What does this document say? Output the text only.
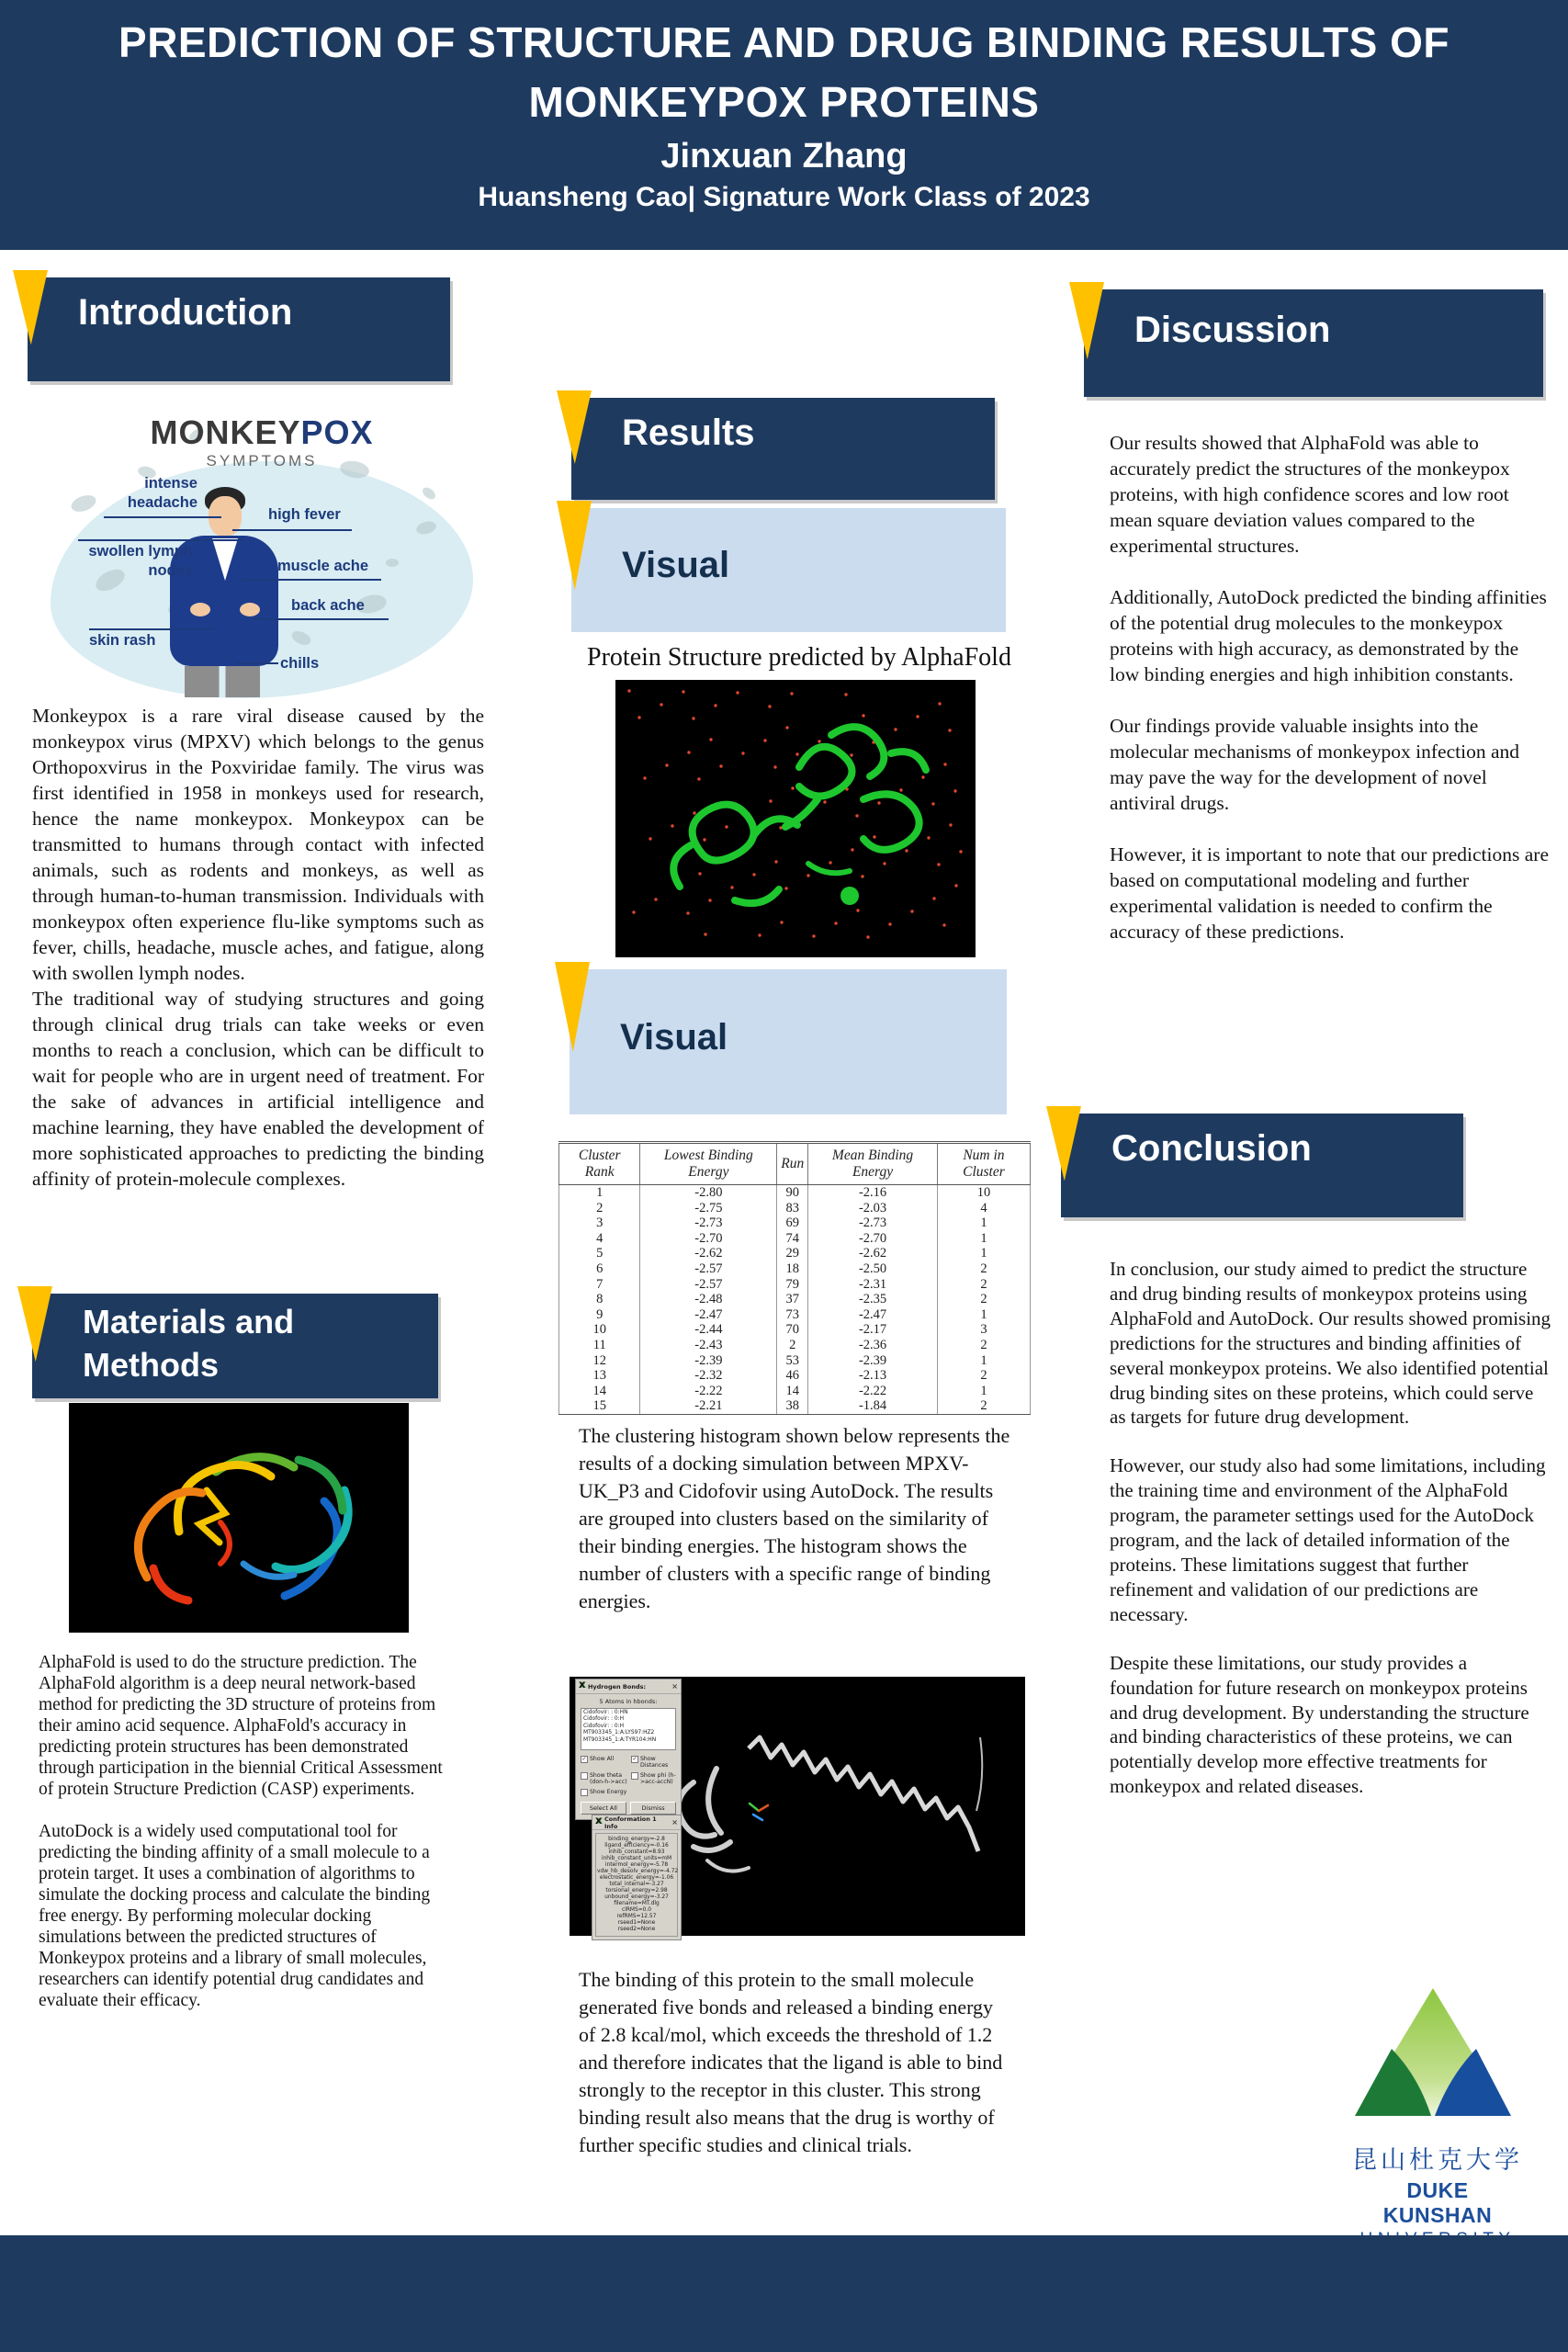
PREDICTION OF STRUCTURE AND DRUG BINDING RESULTS OF MONKEYPOX PROTEINS
Jinxuan Zhang
Huansheng Cao| Signature Work Class of 2023
Introduction
MONKEYPOX
SYMPTOMS
intense headache
high fever
swollen lymph nodes	muscle ache
back ache
skin rash
chills

Monkeypox is a rare viral disease caused by the monkeypox virus (MPXV) which belongs to the genus Orthopoxvirus in the Poxviridae family. The virus was first identified in 1958 in monkeys used for research, hence the name monkeypox. Monkeypox can be transmitted to humans through contact with infected animals, such as rodents and monkeys, as well as through human-to-human transmission. Individuals with monkeypox often experience flu-like symptoms such as fever, chills, headache, muscle aches, and fatigue, along with swollen lymph nodes.

The traditional way of studying structures and going through clinical drug trials can take weeks or even months to reach a conclusion, which can be difficult to wait for people who are in urgent need of treatment. For the sake of advances in artificial intelligence and machine learning, they have enabled the development of more sophisticated approaches to predicting the binding affinity of protein-molecule complexes.

Materials and
Methods

AlphaFold is used to do the structure prediction. The AlphaFold algorithm is a deep neural network-based method for predicting the 3D structure of proteins from their amino acid sequence. AlphaFold's accuracy in predicting protein structures has been demonstrated through participation in the biennial Critical Assessment of protein Structure Prediction (CASP) experiments.

AutoDock is a widely used computational tool for predicting the binding affinity of a small molecule to a protein target. It uses a combination of algorithms to simulate the docking process and calculate the binding free energy. By performing molecular docking simulations between the predicted structures of Monkeypox proteins and a library of small molecules, researchers can identify potential drug candidates and evaluate their efficacy.

Results
Visual
Protein Structure predicted by AlphaFold
Visual
Cluster Rank	Lowest Binding Energy	Run	Mean Binding Energy	Num in Cluster
1	-2.80	90	-2.16	10
2	-2.75	83	-2.03	4
3	-2.73	69	-2.73	1
4	-2.70	74	-2.70	1
5	-2.62	29	-2.62	1
6	-2.57	18	-2.50	2
7	-2.57	79	-2.31	2
8	-2.48	37	-2.35	2
9	-2.47	73	-2.47	1
10	-2.44	70	-2.17	3
11	-2.43	2	-2.36	2
12	-2.39	53	-2.39	1
13	-2.32	46	-2.13	2
14	-2.22	14	-2.22	1
15	-2.21	38	-1.84	2
The clustering histogram shown below represents the results of a docking simulation between MPXV-UK_P3 and Cidofovir using AutoDock. The results are grouped into clusters based on the similarity of their binding energies. The histogram shows the number of clusters with a specific range of binding energies.
X Hydrogen Bonds:	×
5 Atoms in hbonds:
Cidofovir: : 0:HN
Cidofovir: : 0:H
Cidofovir: : 0:H
MT903345_1:A:LYS97:HZ2
MT903345_1:A:TYR104:HN
✓ Show All	✓ Show Distances
Show theta (don-h->acc)
Show phi (h->acc-accN)
Show Energy
Select All	Dismiss
X Conformation 1 Info	×
binding_energy=-2.8
ligand_efficiency=-0.16
inhib_constant=8.93
inhib_constant_units=mM
intermol_energy=-5.78
vdw_hb_desolv_energy=-4.72
electrostatic_energy=-1.06
total_internal=-3.27
torsional_energy=2.98
unbound_energy=-3.27
filename=MT.dlg
clRMS=0.0
refRMS=12.57
rseed1=None
rseed2=None
The binding of this protein to the small molecule generated five bonds and released a binding energy of 2.8 kcal/mol, which exceeds the threshold of 1.2 and therefore indicates that the ligand is able to bind strongly to the receptor in this cluster. This strong binding result also means that the drug is worthy of further specific studies and clinical trials.
Discussion

Our results showed that AlphaFold was able to accurately predict the structures of the monkeypox proteins, with high confidence scores and low root mean square deviation values compared to the experimental structures.

Additionally, AutoDock predicted the binding affinities of the potential drug molecules to the monkeypox proteins with high accuracy, as demonstrated by the low binding energies and high inhibition constants.

Our findings provide valuable insights into the molecular mechanisms of monkeypox infection and may pave the way for the development of novel antiviral drugs.

However, it is important to note that our predictions are based on computational modeling and further experimental validation is needed to confirm the accuracy of these predictions.

Conclusion

In conclusion, our study aimed to predict the structure and drug binding results of monkeypox proteins using AlphaFold and AutoDock. Our results showed promising predictions for the structures and binding affinities of several monkeypox proteins. We also identified potential drug binding sites on these proteins, which could serve as targets for future drug development.

However, our study also had some limitations, including the training time and environment of the AlphaFold program, the parameter settings used for the AutoDock program, and the lack of detailed information of the proteins. These limitations suggest that further refinement and validation of our predictions are necessary.

Despite these limitations, our study provides a foundation for future research on monkeypox proteins and drug development. By understanding the structure and binding characteristics of these proteins, we can potentially develop more effective treatments for monkeypox and related diseases.

昆山杜克大学
DUKE KUNSHAN
